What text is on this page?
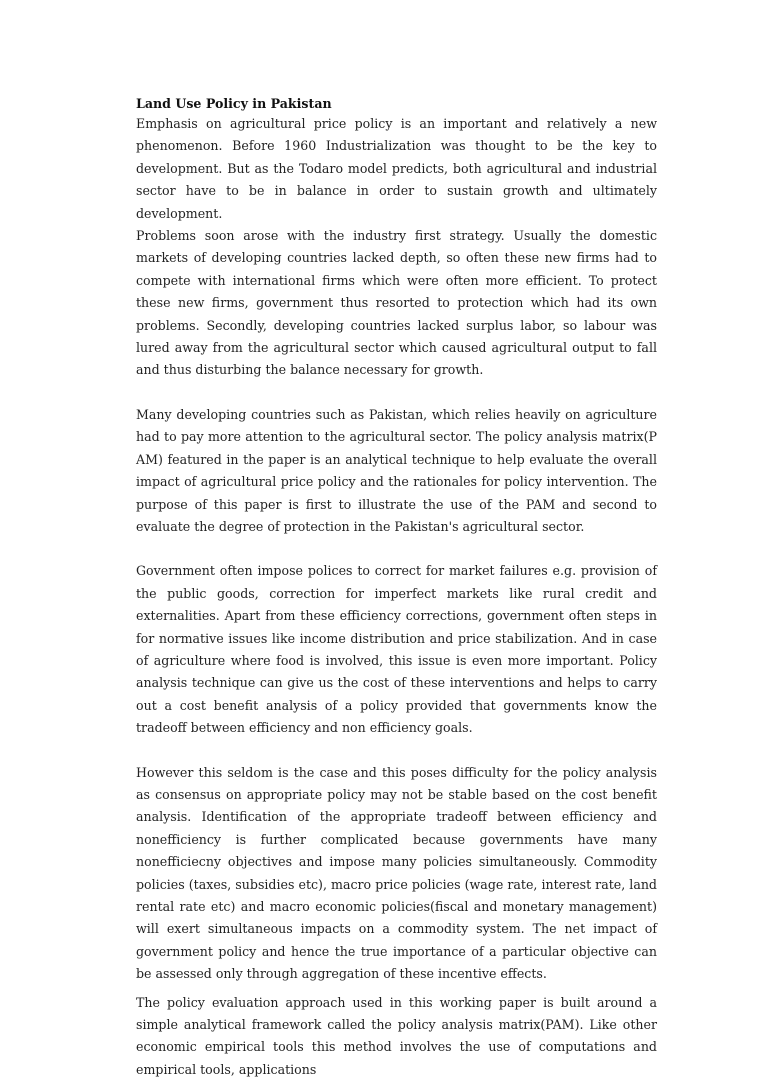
Land Use Policy in Pakistan

Emphasis on agricultural price policy is an important and relatively a new phenomenon. Before 1960 Industrialization was thought to be the key to development. But as the Todaro model predicts, both agricultural and industrial sector have to be in balance in order to sustain growth and ultimately development.

Problems soon arose with the industry first strategy. Usually the domestic markets of developing countries lacked depth, so often these new firms had to compete with international firms which were often more efficient. To protect these new firms, government thus resorted to protection which had its own problems. Secondly, developing countries lacked surplus labor, so labour was lured away from the agricultural sector which caused agricultural output to fall and thus disturbing the balance necessary for growth.

Many developing countries such as Pakistan, which relies heavily on agriculture had to pay more attention to the agricultural sector. The policy analysis matrix(P AM) featured in the paper is an analytical technique to help evaluate the overall impact of agricultural price policy and the rationales for policy intervention. The purpose of this paper is first to illustrate the use of the PAM and second to evaluate the degree of protection in the Pakistan's agricultural sector.

Government often impose polices to correct for market failures e.g. provision of the public goods, correction for imperfect markets like rural credit and externalities. Apart from these efficiency corrections, government often steps in for normative issues like income distribution and price stabilization. And in case of agriculture where food is involved, this issue is even more important. Policy analysis technique can give us the cost of these interventions and helps to carry out a cost benefit analysis of a policy provided that governments know the tradeoff between efficiency and non efficiency goals.

However this seldom is the case and this poses difficulty for the policy analysis as consensus on appropriate policy may not be stable based on the cost benefit analysis. Identification of the appropriate tradeoff between efficiency and nonefficiency is further complicated because governments have many nonefficiecny objectives and impose many policies simultaneously. Commodity policies (taxes, subsidies etc), macro price policies (wage rate, interest rate, land rental rate etc) and macro economic policies(fiscal and monetary management) will exert simultaneous impacts on a commodity system. The net impact of government policy and hence the true importance of a particular objective can be assessed only through aggregation of these incentive effects.

The policy evaluation approach used in this working paper is built around a simple analytical framework called the policy analysis matrix(PAM). Like other economic empirical tools this method involves the use of computations and empirical tools, applications
